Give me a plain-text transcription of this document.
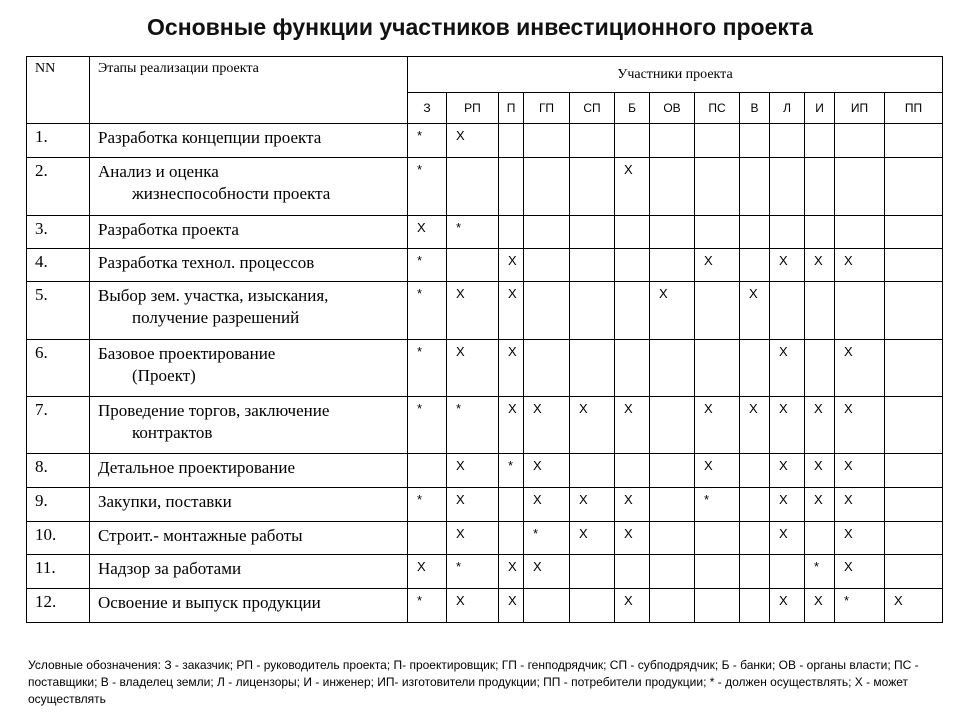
Основные функции участников инвестиционного проекта
NN	Этапы реализации проекта	Участники проекта												
		З	РП	П	ГП	СП	Б	ОВ	ПС	В	Л	И	ИП	ПП
1.	Разработка концепции проекта	*	X											
2.	Анализ и оценка
жизнеспособности проекта	*					X							
3.	Разработка проекта	X	*											
4.	Разработка технол. процессов	*		X					X		X	X	X	
5.	Выбор зем. участка, изыскания,
получение разрешений	*	X	X				X		X				
6.	Базовое проектирование
(Проект)	*	X	X							X		X	
7.	Проведение торгов, заключение
контрактов	*	*	X	X	X	X		X	X	X	X	X	
8.	Детальное проектирование		X	*	X				X		X	X	X	
9.	Закупки, поставки	*	X		X	X	X		*		X	X	X	
10.	Строит.- монтажные работы		X		*	X	X				X		X	
11.	Надзор за работами	X	*	X	X							*	X	
12.	Освоение и выпуск продукции	*	X	X			X				X	X	*	X
Условные обозначения: З - заказчик; РП - руководитель проекта; П- проектировщик; ГП - генподрядчик; СП - субподрядчик; Б - банки; ОВ - органы власти; ПС - поставщики; В - владелец земли; Л - лицензоры; И - инженер; ИП- изготовители продукции; ПП - потребители продукции; * - должен осуществлять; Х - может осуществлять
